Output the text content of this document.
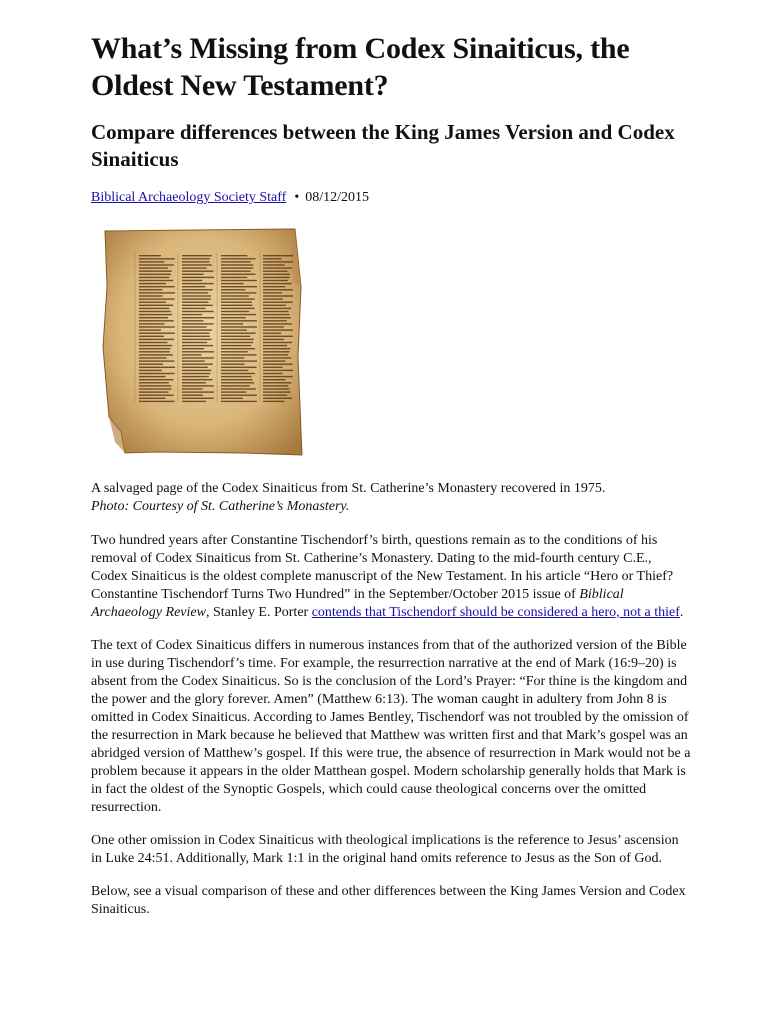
What’s Missing from Codex Sinaiticus, the Oldest New Testament?
Compare differences between the King James Version and Codex Sinaiticus
Biblical Archaeology Society Staff • 08/12/2015

A salvaged page of the Codex Sinaiticus from St. Catherine’s Monastery recovered in 1975.
Photo: Courtesy of St. Catherine’s Monastery.

Two hundred years after Constantine Tischendorf’s birth, questions remain as to the conditions of his removal of Codex Sinaiticus from St. Catherine’s Monastery. Dating to the mid-fourth century C.E., Codex Sinaiticus is the oldest complete manuscript of the New Testament. In his article “Hero or Thief? Constantine Tischendorf Turns Two Hundred” in the September/October 2015 issue of Biblical Archaeology Review, Stanley E. Porter contends that Tischendorf should be considered a hero, not a thief.

The text of Codex Sinaiticus differs in numerous instances from that of the authorized version of the Bible in use during Tischendorf’s time. For example, the resurrection narrative at the end of Mark (16:9–20) is absent from the Codex Sinaiticus. So is the conclusion of the Lord’s Prayer: “For thine is the kingdom and the power and the glory forever. Amen” (Matthew 6:13). The woman caught in adultery from John 8 is omitted in Codex Sinaiticus. According to James Bentley, Tischendorf was not troubled by the omission of the resurrection in Mark because he believed that Matthew was written first and that Mark’s gospel was an abridged version of Matthew’s gospel. If this were true, the absence of resurrection in Mark would not be a problem because it appears in the older Matthean gospel. Modern scholarship generally holds that Mark is in fact the oldest of the Synoptic Gospels, which could cause theological concerns over the omitted resurrection.

One other omission in Codex Sinaiticus with theological implications is the reference to Jesus’ ascension in Luke 24:51. Additionally, Mark 1:1 in the original hand omits reference to Jesus as the Son of God.

Below, see a visual comparison of these and other differences between the King James Version and Codex Sinaiticus.
